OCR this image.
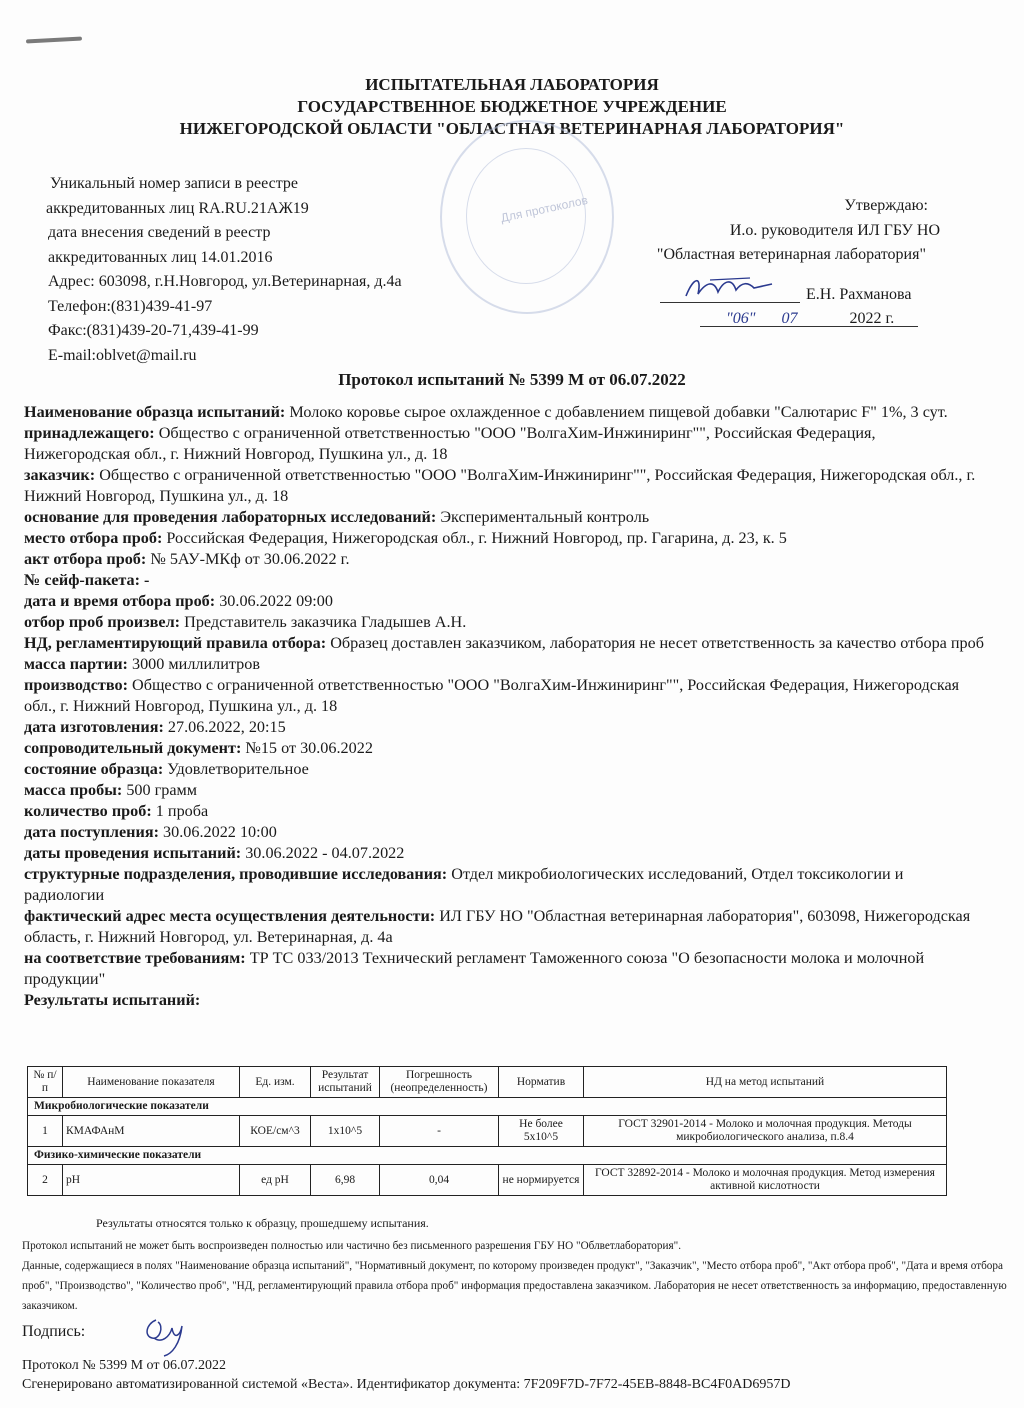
ИСПЫТАТЕЛЬНАЯ ЛАБОРАТОРИЯ
ГОСУДАРСТВЕННОЕ БЮДЖЕТНОЕ УЧРЕЖДЕНИЕ
НИЖЕГОРОДСКОЙ ОБЛАСТИ "ОБЛАСТНАЯ ВЕТЕРИНАРНАЯ ЛАБОРАТОРИЯ"
Для протоколов
Уникальный номер записи в реестре
аккредитованных лиц RA.RU.21АЖ19
дата внесения сведений в реестр
аккредитованных лиц 14.01.2016
Адрес: 603098, г.Н.Новгород, ул.Ветеринарная, д.4а
Телефон:(831)439-41-97
Факс:(831)439-20-71,439-41-99
E-mail:oblvet@mail.ru
Утверждаю:
И.о. руководителя ИЛ ГБУ НО
"Областная ветеринарная лаборатория"
Е.Н. Рахманова
"06" 07	2022 г.
Протокол испытаний № 5399 М от 06.07.2022

Наименование образца испытаний: Молоко коровье сырое охлажденное с добавлением пищевой добавки "Салютарис F" 1%, 3 сут.

принадлежащего: Общество с ограниченной ответственностью "ООО "ВолгаХим-Инжиниринг"", Российская Федерация, Нижегородская обл., г. Нижний Новгород, Пушкина ул., д. 18

заказчик: Общество с ограниченной ответственностью "ООО "ВолгаХим-Инжиниринг"", Российская Федерация, Нижегородская обл., г. Нижний Новгород, Пушкина ул., д. 18

основание для проведения лабораторных исследований: Экспериментальный контроль

место отбора проб: Российская Федерация, Нижегородская обл., г. Нижний Новгород, пр. Гагарина, д. 23, к. 5

акт отбора проб: № 5АУ-МКф от 30.06.2022 г.

№ сейф-пакета: -

дата и время отбора проб: 30.06.2022 09:00

отбор проб произвел: Представитель заказчика Гладышев А.Н.

НД, регламентирующий правила отбора: Образец доставлен заказчиком, лаборатория не несет ответственность за качество отбора проб

масса партии: 3000 миллилитров

производство: Общество с ограниченной ответственностью "ООО "ВолгаХим-Инжиниринг"", Российская Федерация, Нижегородская обл., г. Нижний Новгород, Пушкина ул., д. 18

дата изготовления: 27.06.2022, 20:15

сопроводительный документ: №15 от 30.06.2022

состояние образца: Удовлетворительное

масса пробы: 500 грамм

количество проб: 1 проба

дата поступления: 30.06.2022 10:00

даты проведения испытаний: 30.06.2022 - 04.07.2022

структурные подразделения, проводившие исследования: Отдел микробиологических исследований, Отдел токсикологии и радиологии

фактический адрес места осуществления деятельности: ИЛ ГБУ НО "Областная ветеринарная лаборатория", 603098, Нижегородская область, г. Нижний Новгород, ул. Ветеринарная, д. 4а

на соответствие требованиям: ТР ТС 033/2013 Технический регламент Таможенного союза "О безопасности молока и молочной продукции"

Результаты испытаний:

№ п/п	Наименование показателя	Ед. изм.	Результат испытаний	Погрешность (неопределенность)	Норматив	НД на метод испытаний
Микробиологические показатели						
1	КМАФАнМ	КОЕ/см^3	1x10^5	-	Не более 5x10^5	ГОСТ 32901-2014 - Молоко и молочная продукция. Методы микробиологического анализа, п.8.4
Физико-химические показатели						
2	pH	ед pH	6,98	0,04	не нормируется	ГОСТ 32892-2014 - Молоко и молочная продукция. Метод измерения активной кислотности
Результаты относятся только к образцу, прошедшему испытания.

Протокол испытаний не может быть воспроизведен полностью или частично без письменного разрешения ГБУ НО "Облветлаборатория".

Данные, содержащиеся в полях "Наименование образца испытаний", "Нормативный документ, по которому произведен продукт", "Заказчик", "Место отбора проб", "Акт отбора проб", "Дата и время отбора проб", "Производство", "Количество проб", "НД, регламентирующий правила отбора проб" информация предоставлена заказчиком. Лаборатория не несет ответственность за информацию, предоставленную заказчиком.

Подпись:
Протокол № 5399 М от 06.07.2022
Сгенерировано автоматизированной системой «Веста». Идентификатор документа: 7F209F7D-7F72-45EB-8848-BC4F0AD6957D
